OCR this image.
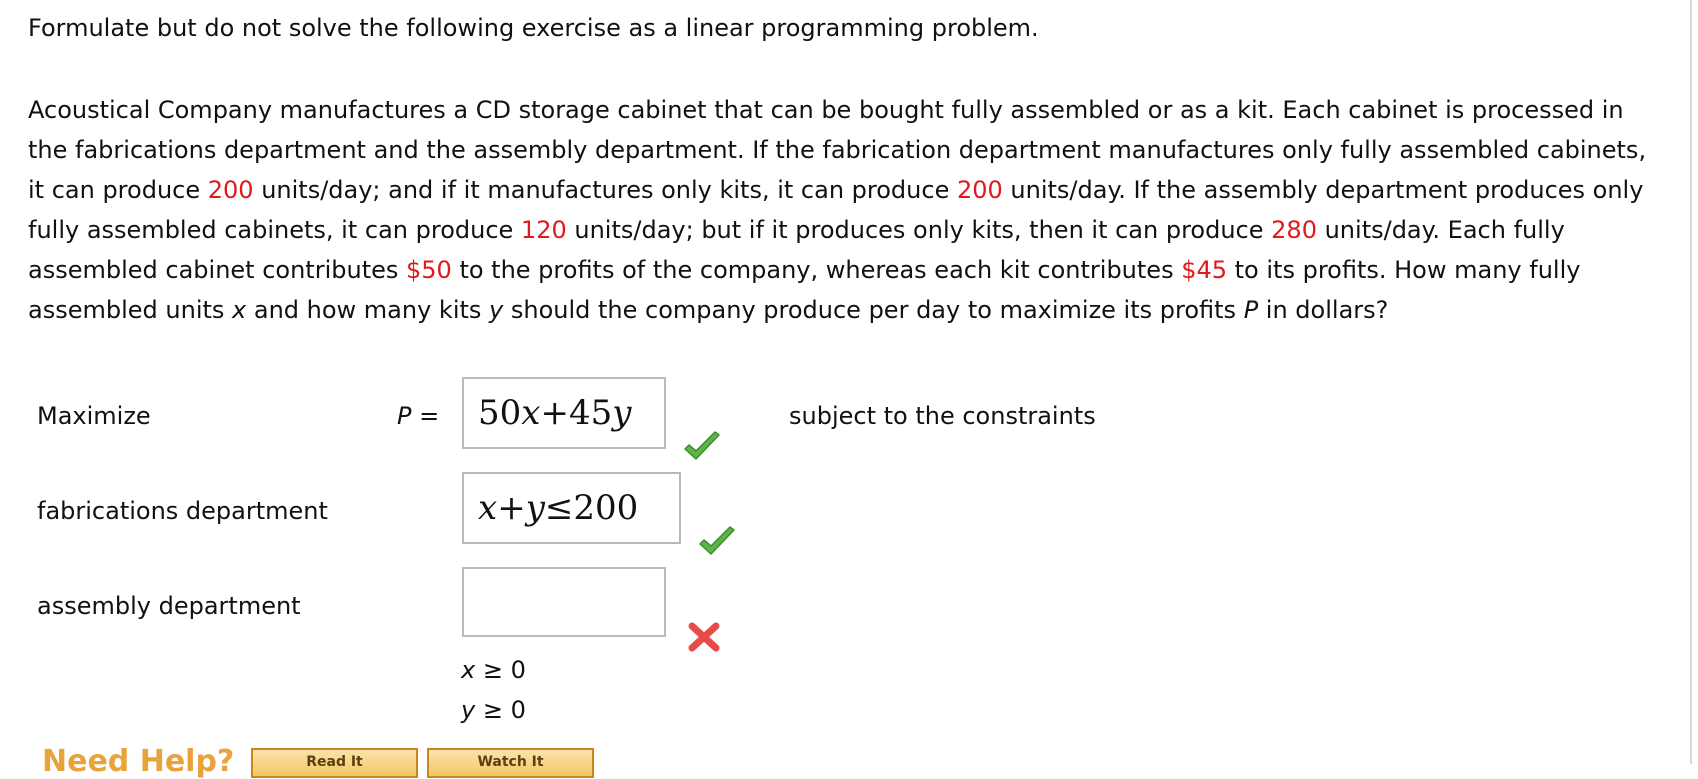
Formulate but do not solve the following exercise as a linear programming problem.
Acoustical Company manufactures a CD storage cabinet that can be bought fully assembled or as a kit. Each cabinet is processed in the fabrications department and the assembly department. If the fabrication department manufactures only fully assembled cabinets, it can produce 200 units/day; and if it manufactures only kits, it can produce 200 units/day. If the assembly department produces only fully assembled cabinets, it can produce 120 units/day; but if it produces only kits, then it can produce 280 units/day. Each fully assembled cabinet contributes $50 to the profits of the company, whereas each kit contributes $45 to its profits. How many fully assembled units x and how many kits y should the company produce per day to maximize its profits P in dollars?
Maximize	P = 50 x + 45 y	subject to the constraints
fabrications department	x + y ≤ 200
assembly department
x ≥ 0
y ≥ 0
Need Help?	Read It	Watch It
